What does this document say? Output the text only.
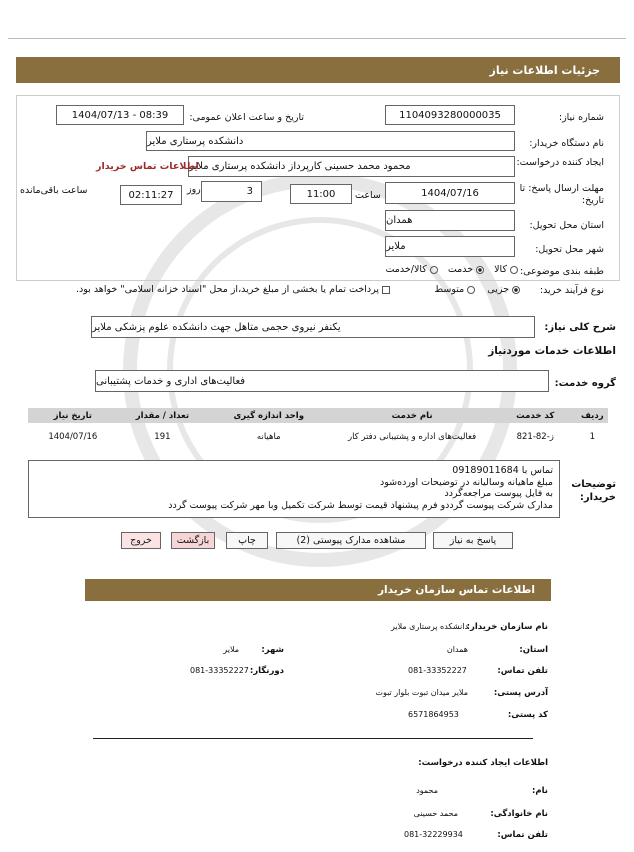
جزئیات اطلاعات نیاز
شماره نیاز:
1104093280000035
تاریخ و ساعت اعلان عمومی:
1404/07/13 - 08:39
نام دستگاه خریدار:
دانشکده پرستاری ملایر
ایجاد کننده درخواست:
محمود محمد حسینی کارپرداز دانشکده پرستاری ملایر
اطلاعات تماس خریدار
مهلت ارسال پاسخ: تا تاریخ:
1404/07/16
ساعت
11:00
3
روز
02:11:27
ساعت باقی‌مانده
استان محل تحویل:
همدان
شهر محل تحویل:
ملایر
طبقه بندی موضوعی:
کالا
خدمت
کالا/خدمت
نوع فرآیند خرید:
جزیی
متوسط
پرداخت تمام یا بخشی از مبلغ خرید،از محل "اسناد خزانه اسلامی" خواهد بود.
شرح کلی نیاز:
یکنفر نیروی حجمی متاهل جهت دانشکده علوم پزشکی ملایر
اطلاعات خدمات موردنیاز
گروه خدمت:
فعالیت‌های اداری و خدمات پشتیبانی
ردیف	کد خدمت	نام خدمت	واحد اندازه گیری	تعداد / مقدار	تاریخ نیاز
1	ز-82-821	فعالیت‌های اداره و پشتیبانی دفتر کار	ماهیانه	191	1404/07/16
توضیحات خریدار:
تماس با 09189011684
مبلغ ماهیانه وسالیانه در توضیحات اورده‌شود
به فایل پیوست مراجعه‌گردد
مدارک شرکت پیوست گرددو فرم پیشنهاد قیمت توسط شرکت تکمیل وبا مهر شرکت پیوست گردد
پاسخ به نیاز
مشاهده مدارک پیوستی (2)
چاپ
بازگشت
خروج
اطلاعات تماس سازمان خریدار
نام سازمان خریدار:
دانشکده پرستاری ملایر
استان:
همدان
شهر:
ملایر
تلفن تماس:
081-33352227
دورنگار:
081-33352227
آدرس پستی:
ملایر میدان تبوت بلوار تبوت
کد پستی:
6571864953
اطلاعات ایجاد کننده درخواست:
نام:
محمود
نام خانوادگی:
محمد حسینی
تلفن تماس:
081-32229934
